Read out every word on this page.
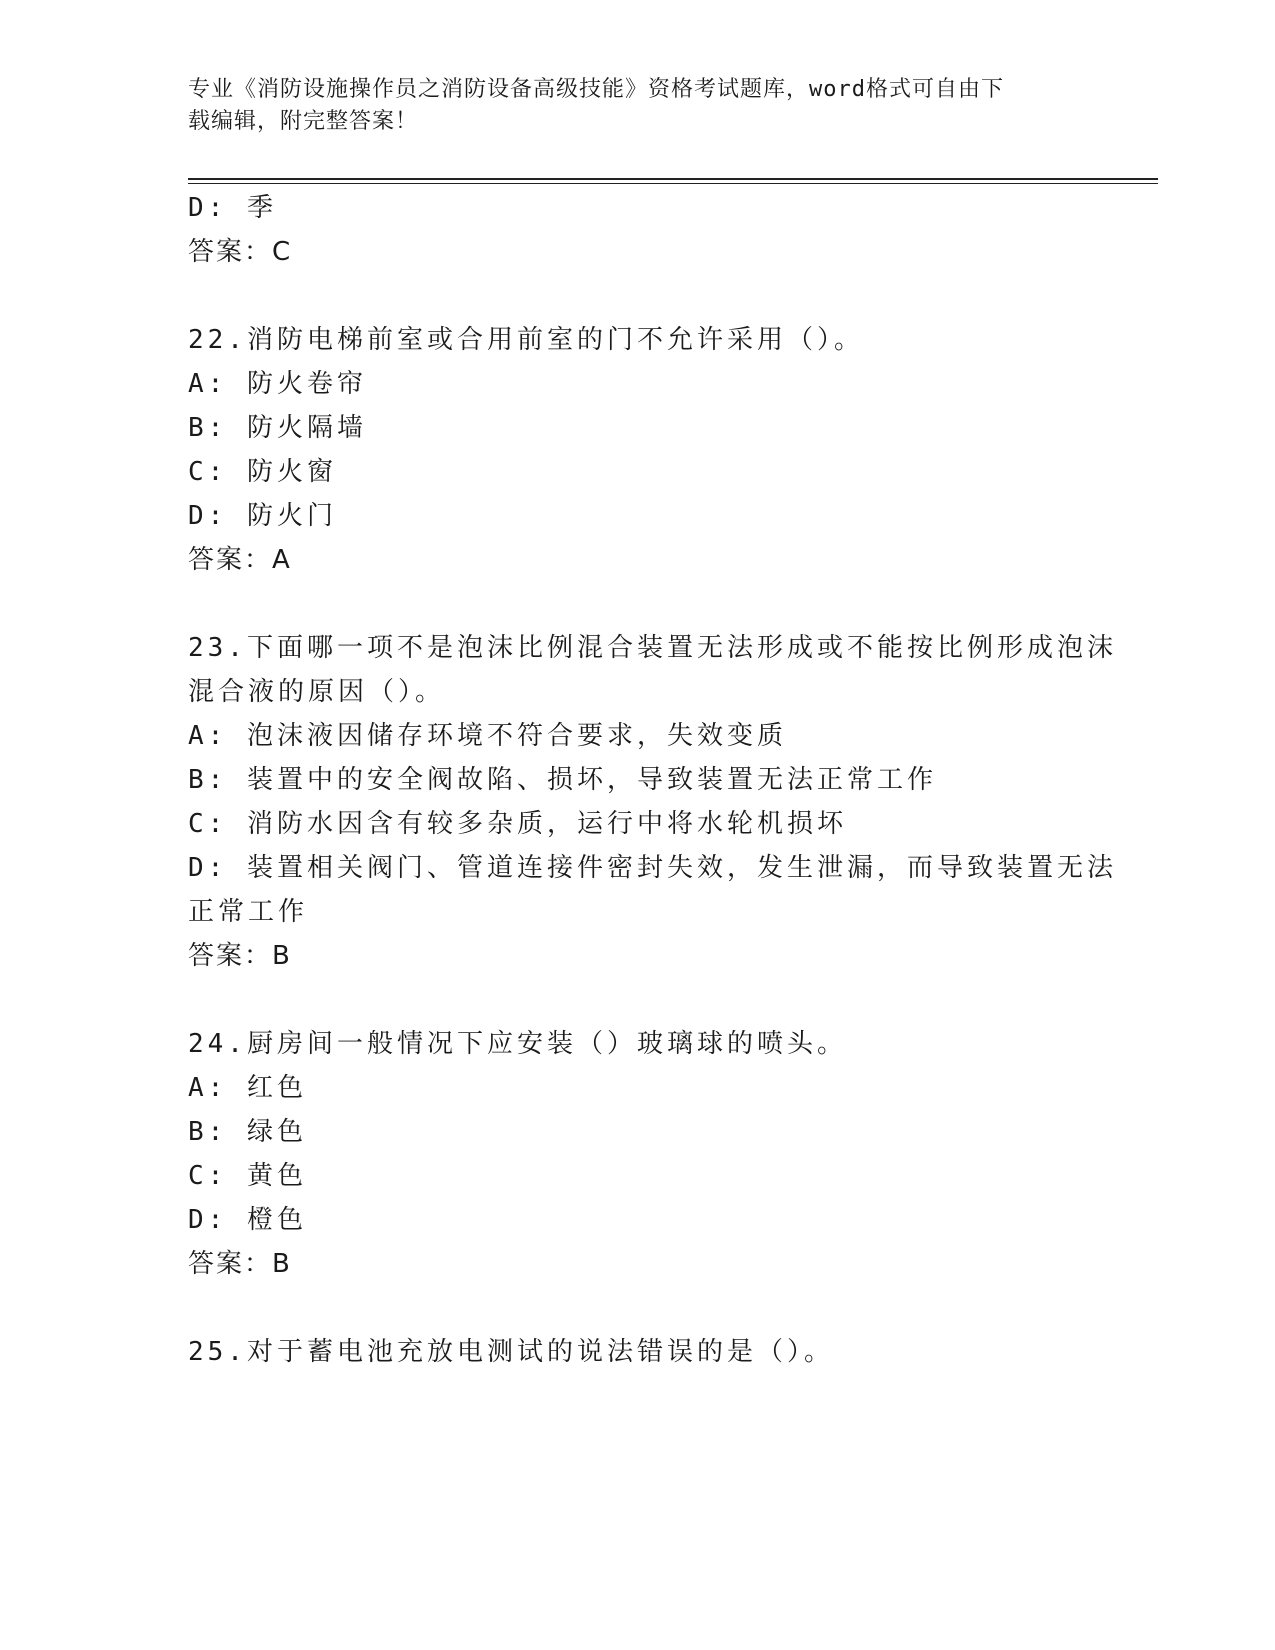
专业《消防设施操作员之消防设备高级技能》资格考试题库，word格式可自由下
载编辑，附完整答案！
D: 季
答案：C
22.消防电梯前室或合用前室的门不允许采用（）。
A: 防火卷帘
B: 防火隔墙
C: 防火窗
D: 防火门
答案：A
23.下面哪一项不是泡沫比例混合装置无法形成或不能按比例形成泡沫
混合液的原因（）。
A: 泡沫液因储存环境不符合要求，失效变质
B: 装置中的安全阀故陷、损坏，导致装置无法正常工作
C: 消防水因含有较多杂质，运行中将水轮机损坏
D: 装置相关阀门、管道连接件密封失效，发生泄漏，而导致装置无法
正常工作
答案：B
24.厨房间一般情况下应安装（）玻璃球的喷头。
A: 红色
B: 绿色
C: 黄色
D: 橙色
答案：B
25.对于蓄电池充放电测试的说法错误的是（）。
